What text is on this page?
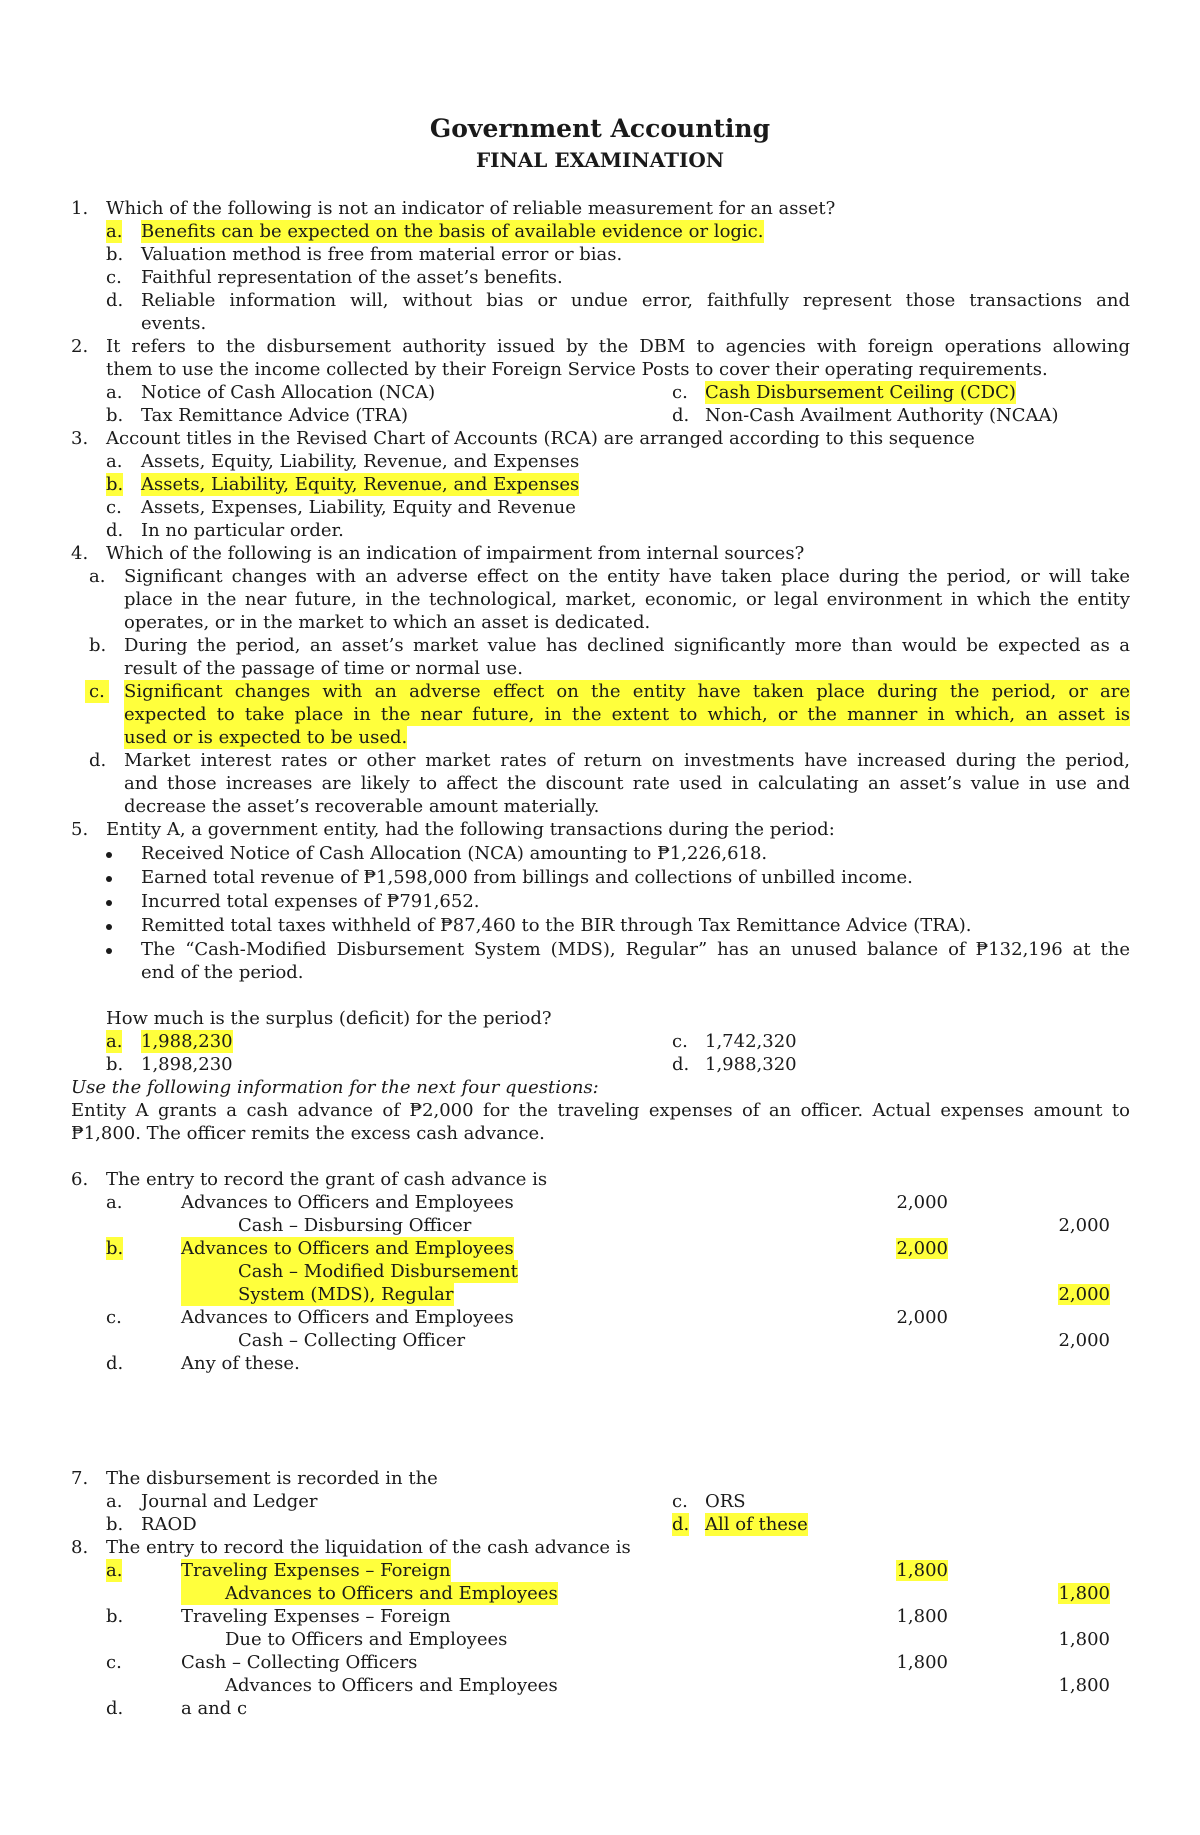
Government Accounting
FINAL EXAMINATION
1. Which of the following is not an indicator of reliable measurement for an asset?
a. Benefits can be expected on the basis of available evidence or logic.
b. Valuation method is free from material error or bias.
c. Faithful representation of the asset’s benefits.
d. Reliable information will, without bias or undue error, faithfully represent those transactions and
events.
2. It refers to the disbursement authority issued by the DBM to agencies with foreign operations allowing
them to use the income collected by their Foreign Service Posts to cover their operating requirements.
a. Notice of Cash Allocation (NCA)	c. Cash Disbursement Ceiling (CDC)
b. Tax Remittance Advice (TRA)	d. Non-Cash Availment Authority (NCAA)
3. Account titles in the Revised Chart of Accounts (RCA) are arranged according to this sequence
a. Assets, Equity, Liability, Revenue, and Expenses
b. Assets, Liability, Equity, Revenue, and Expenses
c. Assets, Expenses, Liability, Equity and Revenue
d. In no particular order.
4. Which of the following is an indication of impairment from internal sources?
a. Significant changes with an adverse effect on the entity have taken place during the period, or will take
place in the near future, in the technological, market, economic, or legal environment in which the entity
operates, or in the market to which an asset is dedicated.
b. During the period, an asset’s market value has declined significantly more than would be expected as a
result of the passage of time or normal use.
c. Significant changes with an adverse effect on the entity have taken place during the period, or are
expected to take place in the near future, in the extent to which, or the manner in which, an asset is
used or is expected to be used.
d. Market interest rates or other market rates of return on investments have increased during the period,
and those increases are likely to affect the discount rate used in calculating an asset’s value in use and
decrease the asset’s recoverable amount materially.
5. Entity A, a government entity, had the following transactions during the period:
Received Notice of Cash Allocation (NCA) amounting to ₱1,226,618.
Earned total revenue of ₱1,598,000 from billings and collections of unbilled income.
Incurred total expenses of ₱791,652.
Remitted total taxes withheld of ₱87,460 to the BIR through Tax Remittance Advice (TRA).
The “Cash-Modified Disbursement System (MDS), Regular” has an unused balance of ₱132,196 at the
end of the period.
How much is the surplus (deficit) for the period?
a. 1,988,230	c. 1,742,320
b. 1,898,230	d. 1,988,320
Use the following information for the next four questions:
Entity A grants a cash advance of ₱2,000 for the traveling expenses of an officer. Actual expenses amount to
₱1,800. The officer remits the excess cash advance.
6. The entry to record the grant of cash advance is
a.	Advances to Officers and Employees	2,000
Cash – Disbursing Officer	2,000
b.	Advances to Officers and Employees	2,000
Cash – Modified Disbursement
System (MDS), Regular	2,000
c.	Advances to Officers and Employees	2,000
Cash – Collecting Officer	2,000
d.	Any of these.
7. The disbursement is recorded in the
a. Journal and Ledger	c. ORS
b. RAOD	d. All of these
8. The entry to record the liquidation of the cash advance is
a.	Traveling Expenses – Foreign	1,800
Advances to Officers and Employees	1,800
b.	Traveling Expenses – Foreign	1,800
Due to Officers and Employees	1,800
c.	Cash – Collecting Officers	1,800
Advances to Officers and Employees	1,800
d.	a and c
